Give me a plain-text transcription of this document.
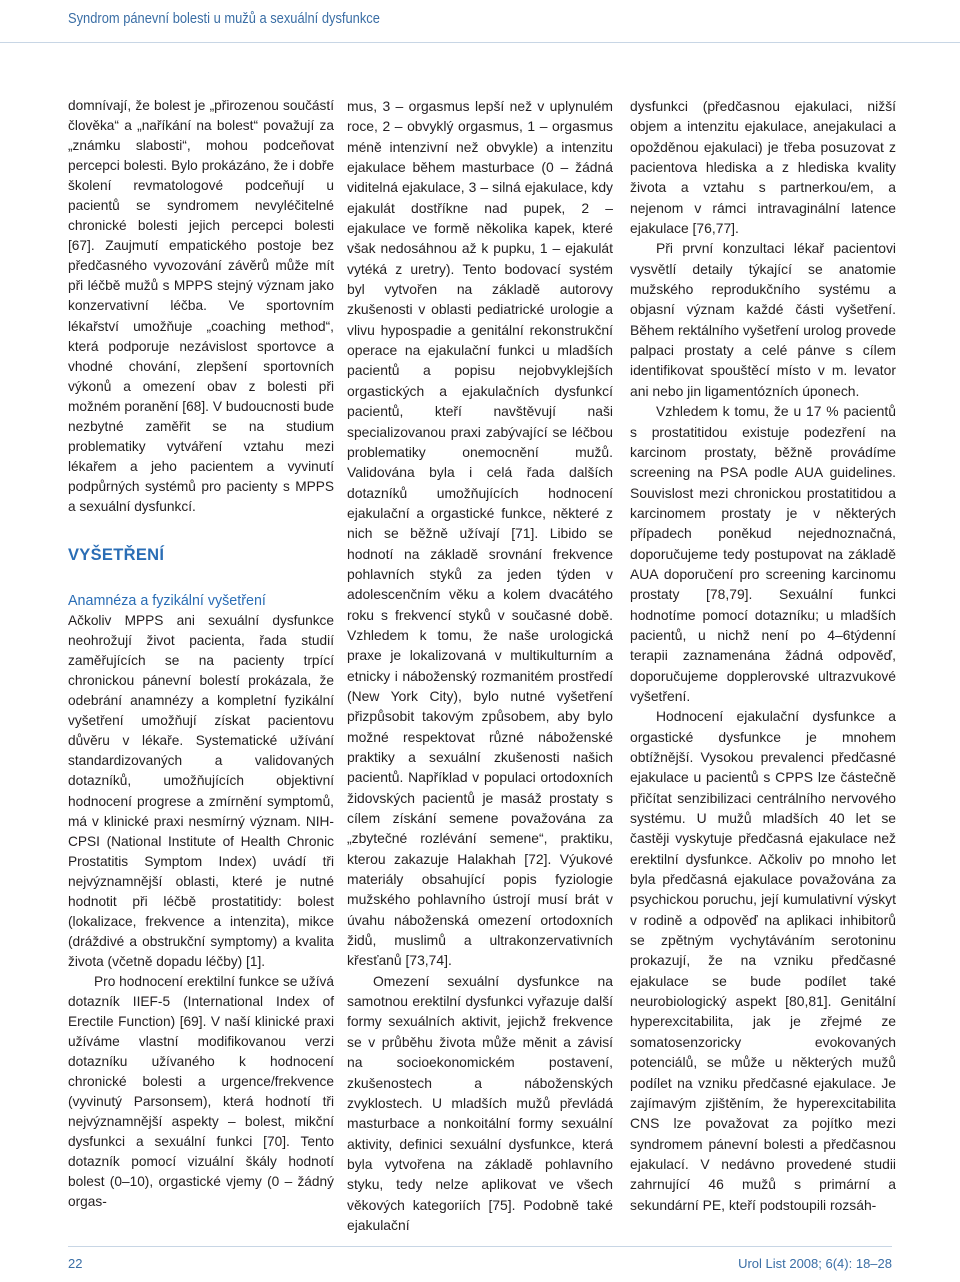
Syndrom pánevní bolesti u mužů a sexuální dysfunkce

domnívají, že bolest je „přirozenou součástí člověka“ a „naříkání na bolest“ považují za „známku slabosti“, mohou podceňovat percepci bolesti. Bylo prokázáno, že i dobře školení revmatologové podceňují u pacientů se syndromem nevyléčitelné chronické bolesti jejich percepci bolesti [67]. Zaujmutí empatického postoje bez předčasného vyvozování závěrů může mít při léčbě mužů s MPPS stejný význam jako konzervativní léčba. Ve sportovním lékařství umožňuje „coaching method“, která podporuje nezávislost sportovce a vhodné chování, zlepšení sportovních výkonů a omezení obav z bolesti při možném poranění [68]. V budoucnosti bude nezbytné zaměřit se na studium problematiky vytváření vztahu mezi lékařem a jeho pacientem a vyvinutí podpůrných systémů pro pacienty s MPPS a sexuální dysfunkcí.

VYŠETŘENÍ
Anamnéza a fyzikální vyšetření

Ačkoliv MPPS ani sexuální dysfunkce neohrožují život pacienta, řada studií zaměřujících se na pacienty trpící chronickou pánevní bolestí prokázala, že odebrání anamnézy a kompletní fyzikální vyšetření umožňují získat pacientovu důvěru v lékaře. Systematické užívání standardizovaných a validovaných dotazníků, umožňujících objektivní hodnocení progrese a zmírnění symptomů, má v klinické praxi nesmírný význam. NIH-CPSI (National Institute of Health Chronic Prostatitis Symptom Index) uvádí tři nejvýznamnější oblasti, které je nutné hodnotit při léčbě prostatitidy: bolest (lokalizace, frekvence a intenzita), mikce (dráždivé a obstrukční symptomy) a kvalita života (včetně dopadu léčby) [1].

Pro hodnocení erektilní funkce se užívá dotazník IIEF-5 (International Index of Erectile Function) [69]. V naší klinické praxi užíváme vlastní modifikovanou verzi dotazníku užívaného k hodnocení chronické bolesti a urgence/frekvence (vyvinutý Parsonsem), která hodnotí tři nejvýznamnější aspekty – bolest, mikční dysfunkci a sexuální funkci [70]. Tento dotazník pomocí vizuální škály hodnotí bolest (0–10), orgastické vjemy (0 – žádný orgas-

mus, 3 – orgasmus lepší než v uplynulém roce, 2 – obvyklý orgasmus, 1 – orgasmus méně intenzivní než obvykle) a intenzitu ejakulace během masturbace (0 – žádná viditelná ejakulace, 3 – silná ejakulace, kdy ejakulát dostříkne nad pupek, 2 – ejakulace ve formě několika kapek, které však nedosáhnou až k pupku, 1 – ejakulát vytéká z uretry). Tento bodovací systém byl vytvořen na základě autorovy zkušenosti v oblasti pediatrické urologie a vlivu hypospadie a genitální rekonstrukční operace na ejakulační funkci u mladších pacientů a popisu nejobvyklejších orgastických a ejakulačních dysfunkcí pacientů, kteří navštěvují naši specializovanou praxi zabývající se léčbou problematiky onemocnění mužů. Validována byla i celá řada dalších dotazníků umožňujících hodnocení ejakulační a orgastické funkce, některé z nich se běžně užívají [71]. Libido se hodnotí na základě srovnání frekvence pohlavních styků za jeden týden v adolescenčním věku a kolem dvacátého roku s frekvencí styků v současné době. Vzhledem k tomu, že naše urologická praxe je lokalizovaná v multikulturním a etnicky i náboženský rozmanitém prostředí (New York City), bylo nutné vyšetření přizpůsobit takovým způsobem, aby bylo možné respektovat různé náboženské praktiky a sexuální zkušenosti našich pacientů. Například v populaci ortodoxních židovských pacientů je masáž prostaty s cílem získání semene považována za „zbytečné rozlévání semene“, praktiku, kterou zakazuje Halakhah [72]. Výukové materiály obsahující popis fyziologie mužského pohlavního ústrojí musí brát v úvahu náboženská omezení ortodoxních židů, muslimů a ultrakonzervativních křesťanů [73,74].

Omezení sexuální dysfunkce na samotnou erektilní dysfunkci vyřazuje další formy sexuálních aktivit, jejichž frekvence se v průběhu života může měnit a závisí na socioekonomickém postavení, zkušenostech a náboženských zvyklostech. U mladších mužů převládá masturbace a nonkoitální formy sexuální aktivity, definici sexuální dysfunkce, která byla vytvořena na základě pohlavního styku, tedy nelze aplikovat ve všech věkových kategoriích [75]. Podobně také ejakulační

dysfunkci (předčasnou ejakulaci, nižší objem a intenzitu ejakulace, anejakulaci a opožděnou ejakulaci) je třeba posuzovat z pacientova hlediska a z hlediska kvality života a vztahu s partnerkou/em, a nejenom v rámci intravaginální latence ejakulace [76,77].

Při první konzultaci lékař pacientovi vysvětlí detaily týkající se anatomie mužského reprodukčního systému a objasní význam každé části vyšetření. Během rektálního vyšetření urolog provede palpaci prostaty a celé pánve s cílem identifikovat spouštěcí místo v m. levator ani nebo jin ligamentózních úponech.

Vzhledem k tomu, že u 17 % pacientů s prostatitidou existuje podezření na karcinom prostaty, běžně provádíme screening na PSA podle AUA guidelines. Souvislost mezi chronickou prostatitidou a karcinomem prostaty je v některých případech poněkud nejednoznačná, doporučujeme tedy postupovat na základě AUA doporučení pro screening karcinomu prostaty [78,79]. Sexuální funkci hodnotíme pomocí dotazníku; u mladších pacientů, u nichž není po 4–6týdenní terapii zaznamenána žádná odpověď, doporučujeme dopplerovské ultrazvukové vyšetření.

Hodnocení ejakulační dysfunkce a orgastické dysfunkce je mnohem obtížnější. Vysokou prevalenci předčasné ejakulace u pacientů s CPPS lze částečně přičítat senzibilizaci centrálního nervového systému. U mužů mladších 40 let se častěji vyskytuje předčasná ejakulace než erektilní dysfunkce. Ačkoliv po mnoho let byla předčasná ejakulace považována za psychickou poruchu, její kumulativní výskyt v rodině a odpověď na aplikaci inhibitorů se zpětným vychytáváním serotoninu prokazují, že na vzniku předčasné ejakulace se bude podílet také neurobiologický aspekt [80,81]. Genitální hyperexcitabilita, jak je zřejmé ze somatosenzoricky evokovaných potenciálů, se může u některých mužů podílet na vzniku předčasné ejakulace. Je zajímavým zjištěním, že hyperexcitabilita CNS lze považovat za pojítko mezi syndromem pánevní bolesti a předčasnou ejakulací. V nedávno provedené studii zahrnující 46 mužů s primární a sekundární PE, kteří podstoupili rozsáh-

22	Urol List 2008; 6(4): 18–28
